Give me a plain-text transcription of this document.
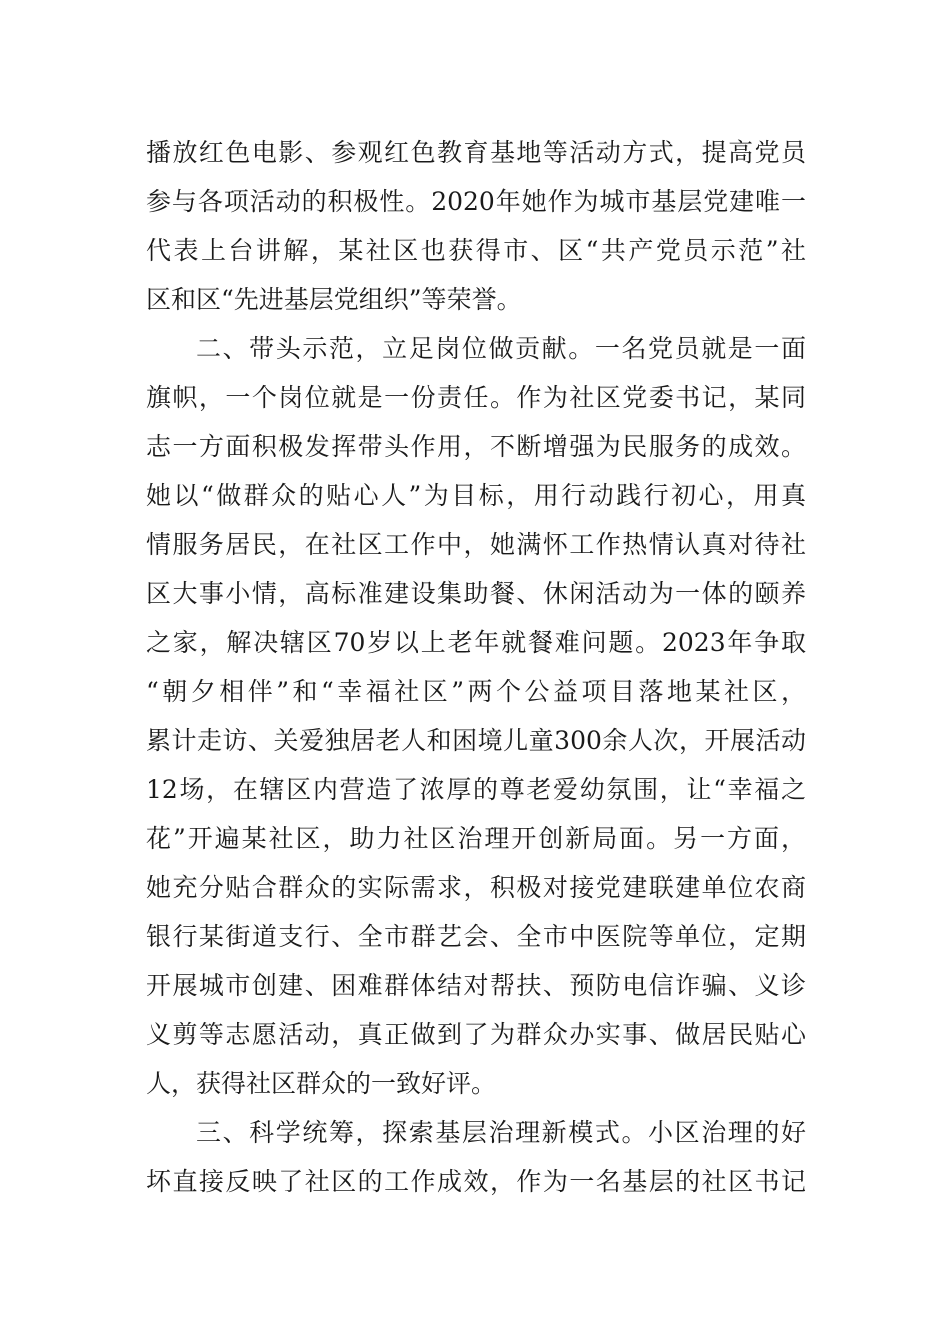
播放红色电影、参观红色教育基地等活动方式，提高党员
参与各项活动的积极性。2020年她作为城市基层党建唯一
代表上台讲解，某社区也获得市、区“共产党员示范”社
区和区“先进基层党组织”等荣誉。
二、带头示范，立足岗位做贡献。一名党员就是一面
旗帜，一个岗位就是一份责任。作为社区党委书记，某同
志一方面积极发挥带头作用，不断增强为民服务的成效。
她以“做群众的贴心人”为目标，用行动践行初心，用真
情服务居民，在社区工作中，她满怀工作热情认真对待社
区大事小情，高标准建设集助餐、休闲活动为一体的颐养
之家，解决辖区70岁以上老年就餐难问题。2023年争取
“朝夕相伴”和“幸福社区”两个公益项目落地某社区，
累计走访、关爱独居老人和困境儿童300余人次，开展活动
12场，在辖区内营造了浓厚的尊老爱幼氛围，让“幸福之
花”开遍某社区，助力社区治理开创新局面。另一方面，
她充分贴合群众的实际需求，积极对接党建联建单位农商
银行某街道支行、全市群艺会、全市中医院等单位，定期
开展城市创建、困难群体结对帮扶、预防电信诈骗、义诊
义剪等志愿活动，真正做到了为群众办实事、做居民贴心
人，获得社区群众的一致好评。
三、科学统筹，探索基层治理新模式。小区治理的好
坏直接反映了社区的工作成效，作为一名基层的社区书记
